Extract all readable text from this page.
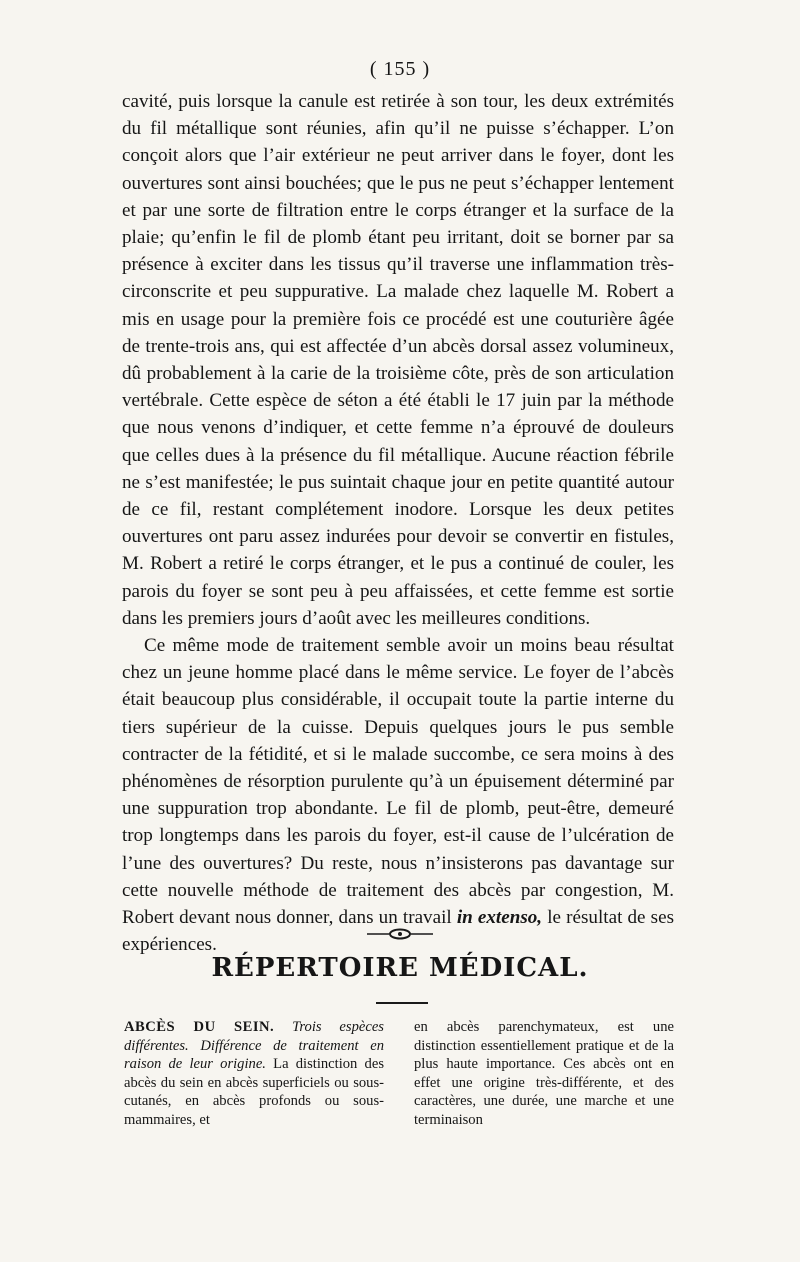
( 155 )

cavité, puis lorsque la canule est retirée à son tour, les deux extrémités du fil métallique sont réunies, afin qu’il ne puisse s’échapper. L’on conçoit alors que l’air extérieur ne peut arriver dans le foyer, dont les ouvertures sont ainsi bouchées; que le pus ne peut s’échapper lentement et par une sorte de filtration entre le corps étranger et la surface de la plaie; qu’enfin le fil de plomb étant peu irritant, doit se borner par sa présence à exciter dans les tissus qu’il traverse une inflammation très-circonscrite et peu suppurative. La malade chez laquelle M. Robert a mis en usage pour la première fois ce procédé est une couturière âgée de trente-trois ans, qui est affectée d’un abcès dorsal assez volumineux, dû probablement à la carie de la troisième côte, près de son articulation vertébrale. Cette espèce de séton a été établi le 17 juin par la méthode que nous venons d’indiquer, et cette femme n’a éprouvé de douleurs que celles dues à la présence du fil métallique. Aucune réaction fébrile ne s’est manifestée; le pus suintait chaque jour en petite quantité autour de ce fil, restant complétement inodore. Lorsque les deux petites ouvertures ont paru assez indurées pour devoir se convertir en fistules, M. Robert a retiré le corps étranger, et le pus a continué de couler, les parois du foyer se sont peu à peu affaissées, et cette femme est sortie dans les premiers jours d’août avec les meilleures conditions.

Ce même mode de traitement semble avoir un moins beau résultat chez un jeune homme placé dans le même service. Le foyer de l’abcès était beaucoup plus considérable, il occupait toute la partie interne du tiers supérieur de la cuisse. Depuis quelques jours le pus semble contracter de la fétidité, et si le malade succombe, ce sera moins à des phénomènes de résorption purulente qu’à un épuisement déterminé par une suppuration trop abondante. Le fil de plomb, peut-être, demeuré trop longtemps dans les parois du foyer, est-il cause de l’ulcération de l’une des ouvertures? Du reste, nous n’insisterons pas davantage sur cette nouvelle méthode de traitement des abcès par congestion, M. Robert devant nous donner, dans un travail in extenso, le résultat de ses expériences.

RÉPERTOIRE MÉDICAL.

ABCÈS DU SEIN. Trois espèces différentes. Différence de traitement en raison de leur origine. La distinction des abcès du sein en abcès superficiels ou sous-cutanés, en abcès profonds ou sous-mammaires, et

en abcès parenchymateux, est une distinction essentiellement pratique et de la plus haute importance. Ces abcès ont en effet une origine très-différente, et des caractères, une durée, une marche et une terminaison
